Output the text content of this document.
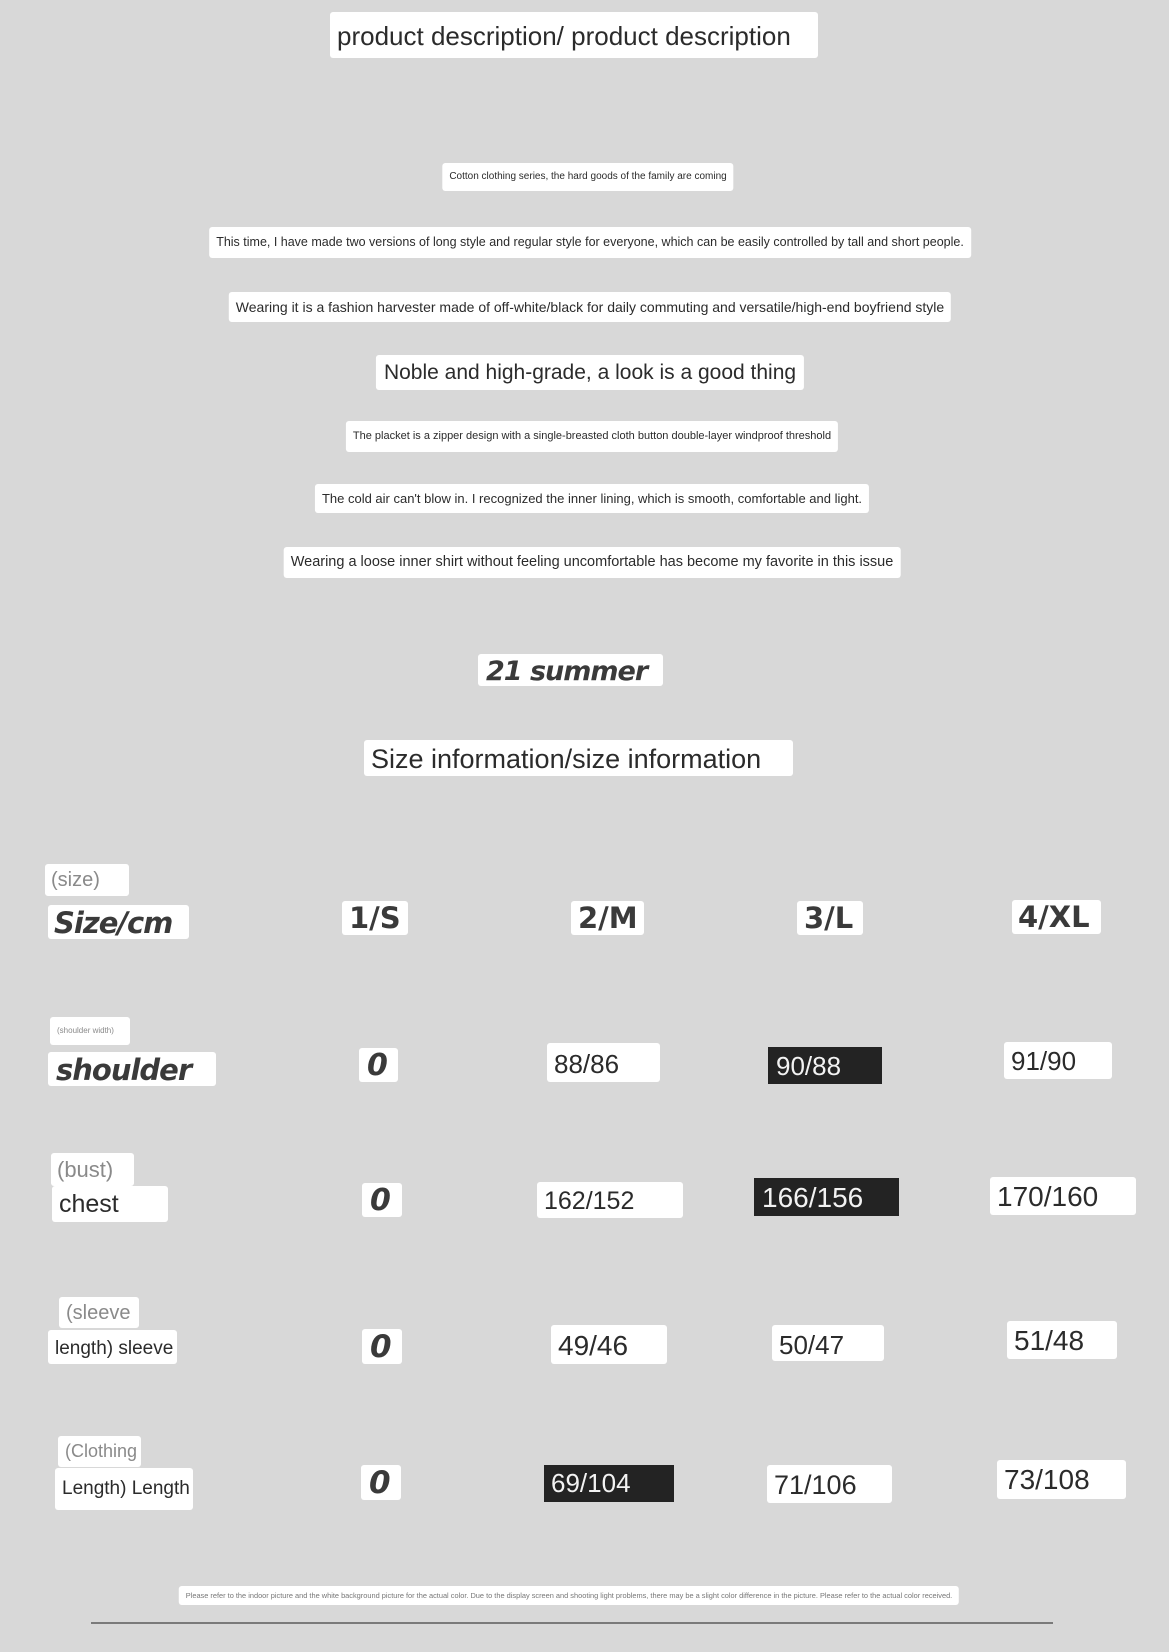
product description/ product description
Cotton clothing series, the hard goods of the family are coming
This time, I have made two versions of long style and regular style for everyone, which can be easily controlled by tall and short people.
Wearing it is a fashion harvester made of off-white/black for daily commuting and versatile/high-end boyfriend style
Noble and high-grade, a look is a good thing
The placket is a zipper design with a single-breasted cloth button double-layer windproof threshold
The cold air can't blow in. I recognized the inner lining, which is smooth, comfortable and light.
Wearing a loose inner shirt without feeling uncomfortable has become my favorite in this issue
21 summer
Size information/size information
(size)
Size/cm	1/S	2/M	3/L	4/XL
(shoulder width)
shoulder	0	88/86	90/88	91/90
(bust)
chest	0	162/152	166/156	170/160
(sleeve
length) sleeve	0	49/46	50/47	51/48
(Clothing
Length) Length	0	69/104	71/106	73/108
Please refer to the indoor picture and the white background picture for the actual color. Due to the display screen and shooting light problems, there may be a slight color difference in the picture. Please refer to the actual color received.
